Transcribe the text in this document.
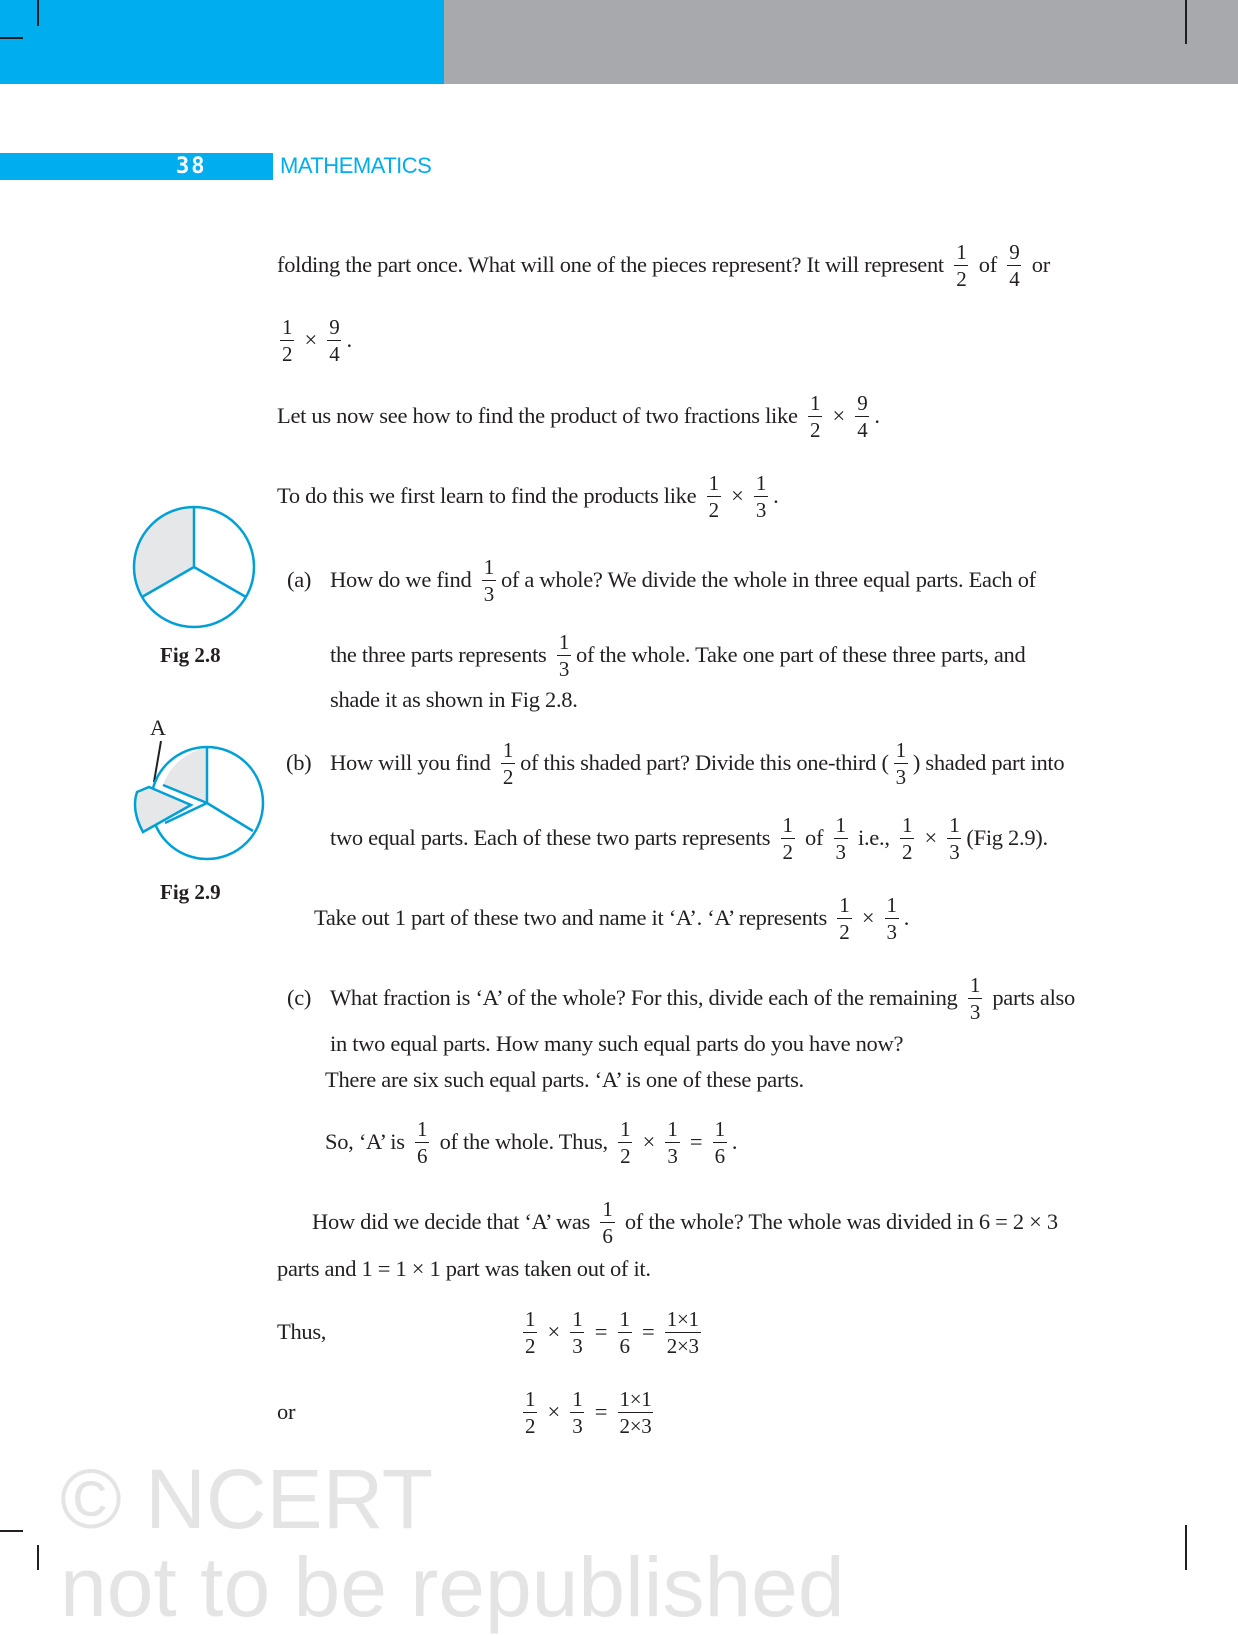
38	MATHEMATICS
© NCERT
not to be republished
Fig 2.8
A
Fig 2.9
folding the part once. What will one of the pieces represent? It will represent $\frac{1}{2}$ of $\frac{9}{4}$ or
$\frac{1}{2} \times \frac{9}{4}$ .
Let us now see how to find the product of two fractions like $\frac{1}{2} \times \frac{9}{4}$ .
To do this we first learn to find the products like $\frac{1}{2} \times \frac{1}{3}$ .
(a) How do we find $\frac{1}{3}$ of a whole? We divide the whole in three equal parts. Each of
the three parts represents $\frac{1}{3}$ of the whole. Take one part of these three parts, and
shade it as shown in Fig 2.8.
(b) How will you find $\frac{1}{2}$ of this shaded part? Divide this one-third ( $\frac{1}{3}$ ) shaded part into
two equal parts. Each of these two parts represents $\frac{1}{2}$ of $\frac{1}{3} i.e$., $\frac{1}{2} \times \frac{1}{3} (Fig$ 2.9).
Take out 1 part of these two and name it ‘A’. ‘A’ represents $\frac{1}{2} \times \frac{1}{3}$ .
(c) What fraction is ‘A’ of the whole? For this, divide each of the remaining $\frac{1}{3}$ parts also
in two equal parts. How many such equal parts do you have now?
There are six such equal parts. ‘A’ is one of these parts.
So, ‘A’ is $\frac{1}{6}$ of the whole. Thus, $\frac{1}{2} \times \frac{1}{3} = \frac{1}{6}$ .
How did we decide that ‘A’ was $\frac{1}{6}$ of the whole? The whole was divided in 6 = 2 × 3
parts and 1 = 1 × 1 part was taken out of it.
Thus,	$\frac{1}{2} \times \frac{1}{3} = \frac{1}{6} = \frac{1\times 1}{2\times 3}$
or	$\frac{1}{2} \times \frac{1}{3} = \frac{1\times 1}{2\times 3}$
